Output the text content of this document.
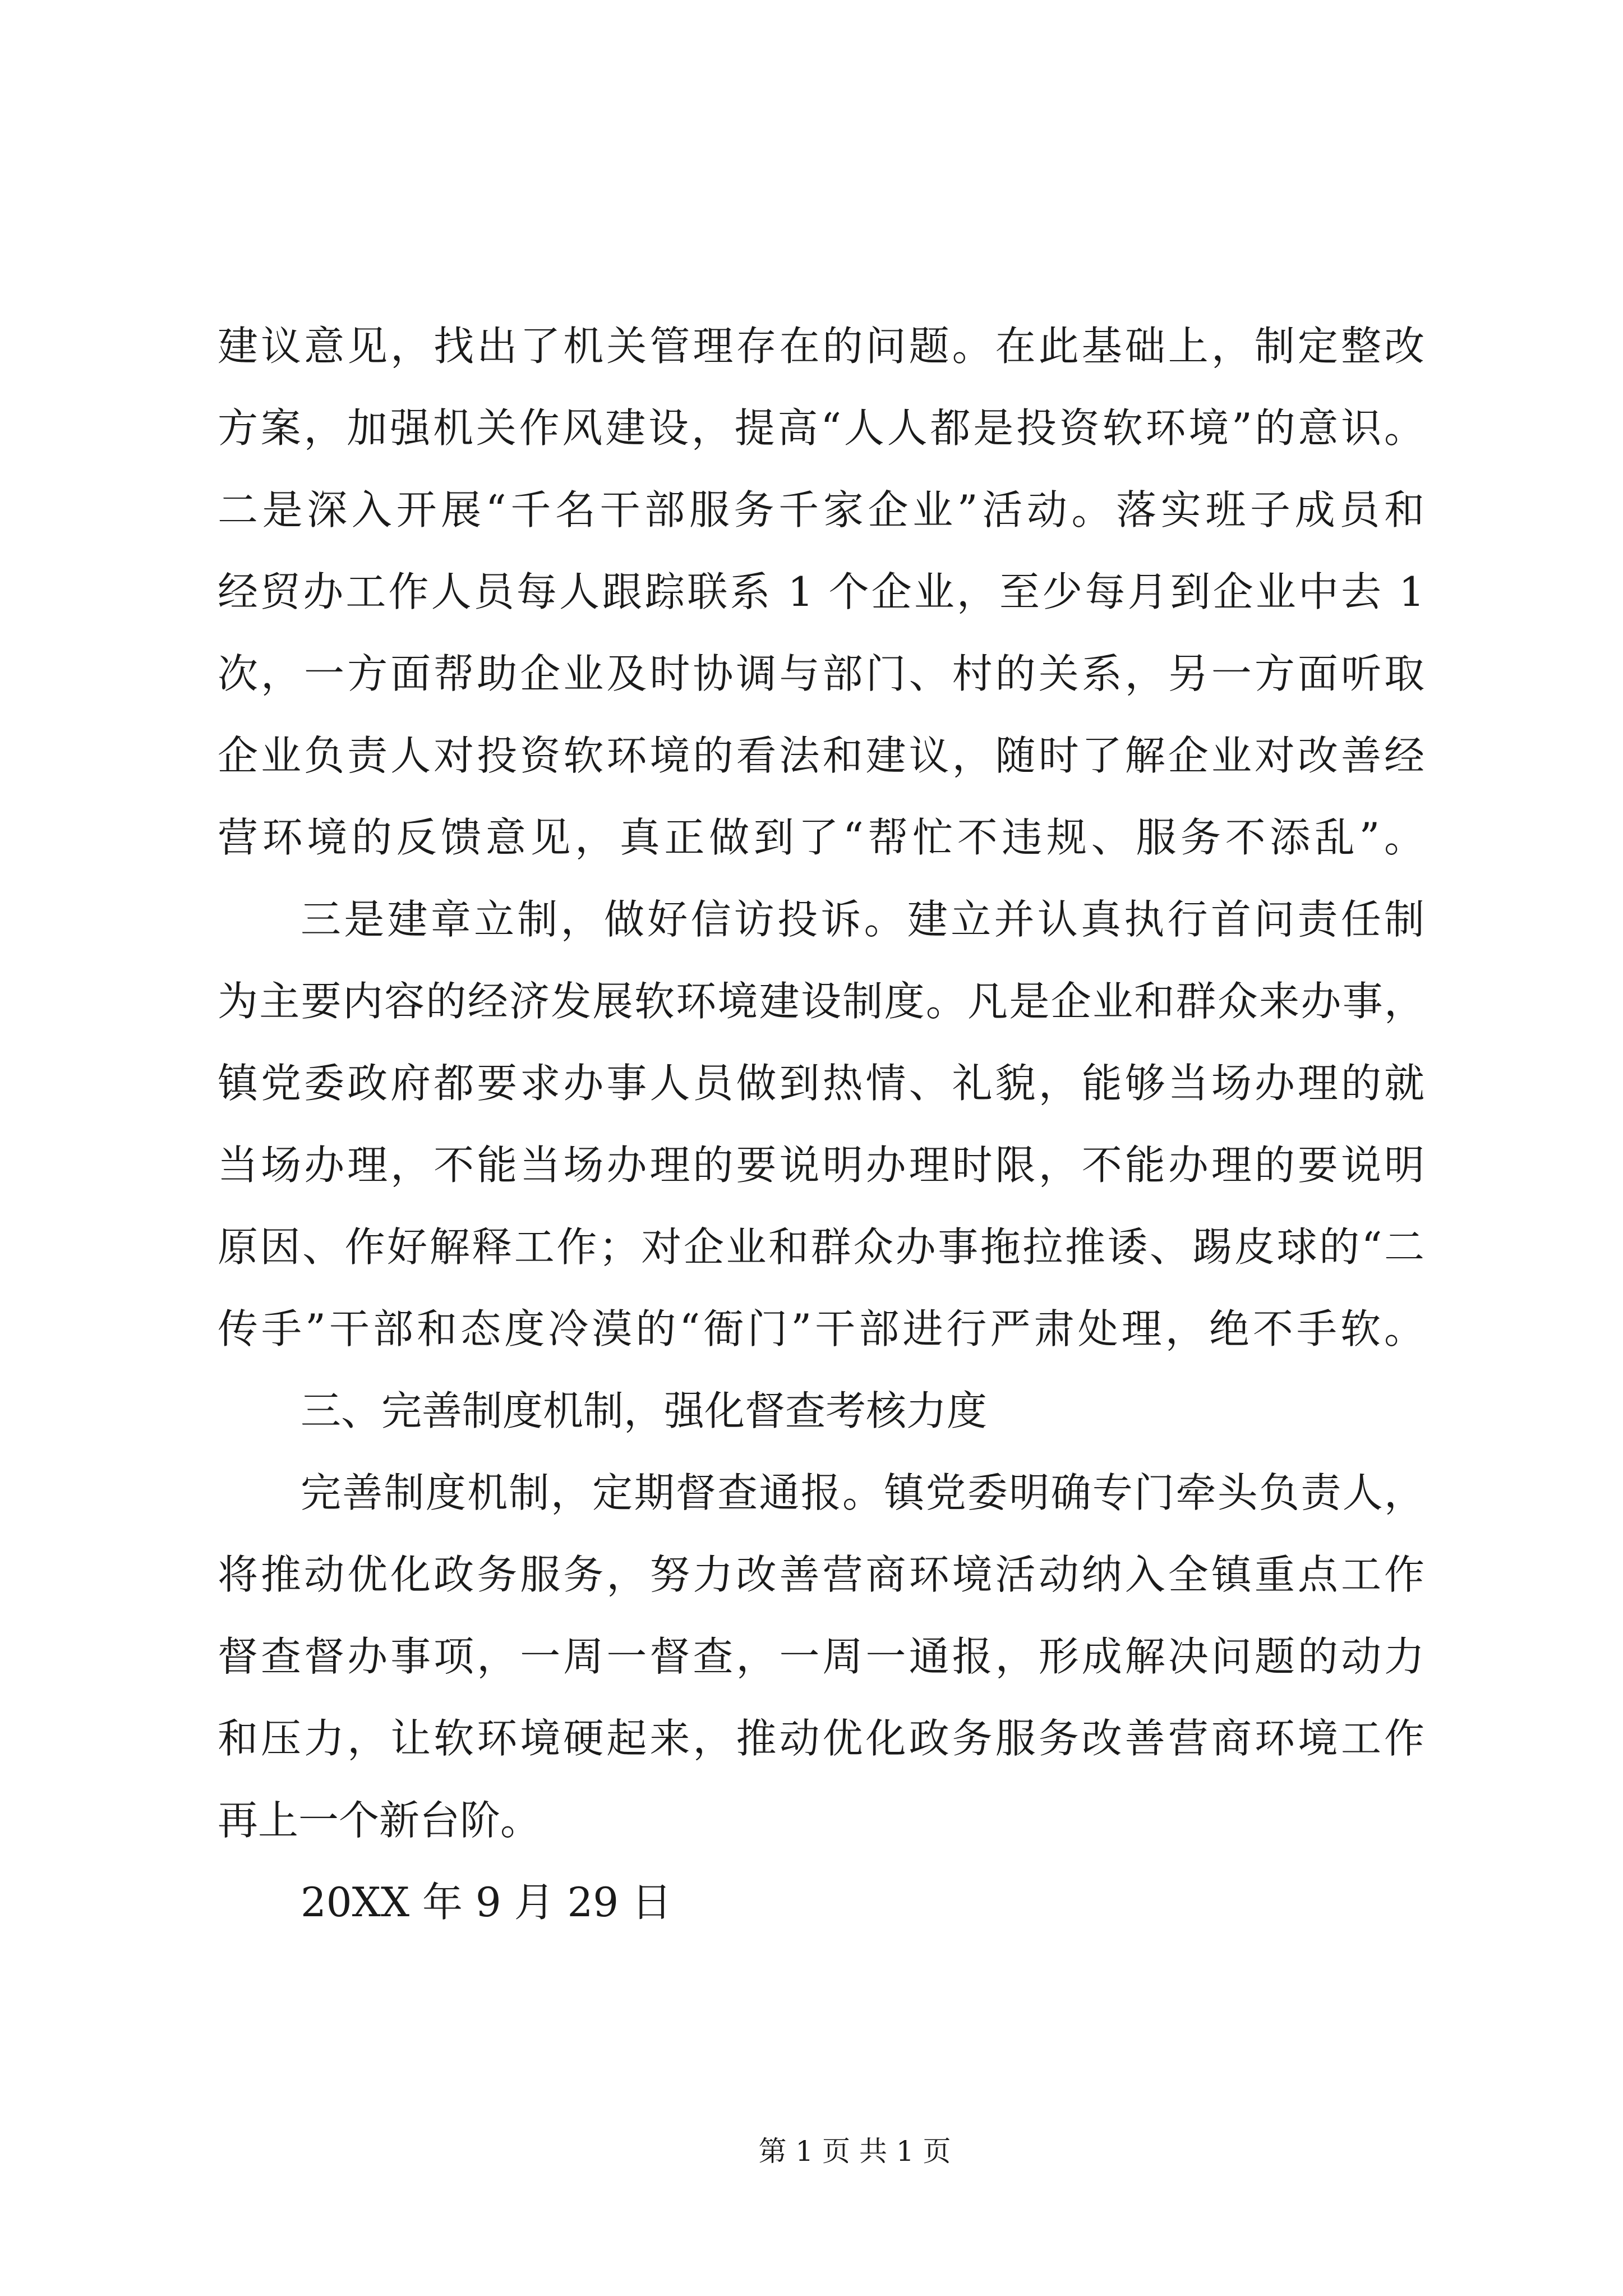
建议意见，找出了机关管理存在的问题。在此基础上，制定整改
方案，加强机关作风建设，提高“人人都是投资软环境”的意识。
二是深入开展“千名干部服务千家企业”活动。落实班子成员和
经贸办工作人员每人跟踪联系 1 个企业，至少每月到企业中去 1
次，一方面帮助企业及时协调与部门、村的关系，另一方面听取
企业负责人对投资软环境的看法和建议，随时了解企业对改善经
营环境的反馈意见，真正做到了“帮忙不违规、服务不添乱”。
三是建章立制，做好信访投诉。建立并认真执行首问责任制
为主要内容的经济发展软环境建设制度。凡是企业和群众来办事，
镇党委政府都要求办事人员做到热情、礼貌，能够当场办理的就
当场办理，不能当场办理的要说明办理时限，不能办理的要说明
原因、作好解释工作；对企业和群众办事拖拉推诿、踢皮球的“二
传手”干部和态度冷漠的“衙门”干部进行严肃处理，绝不手软。
三、完善制度机制，强化督查考核力度
完善制度机制，定期督查通报。镇党委明确专门牵头负责人，
将推动优化政务服务，努力改善营商环境活动纳入全镇重点工作
督查督办事项，一周一督查，一周一通报，形成解决问题的动力
和压力，让软环境硬起来，推动优化政务服务改善营商环境工作
再上一个新台阶。
20XX 年 9 月 29 日
第 1 页 共 1 页
